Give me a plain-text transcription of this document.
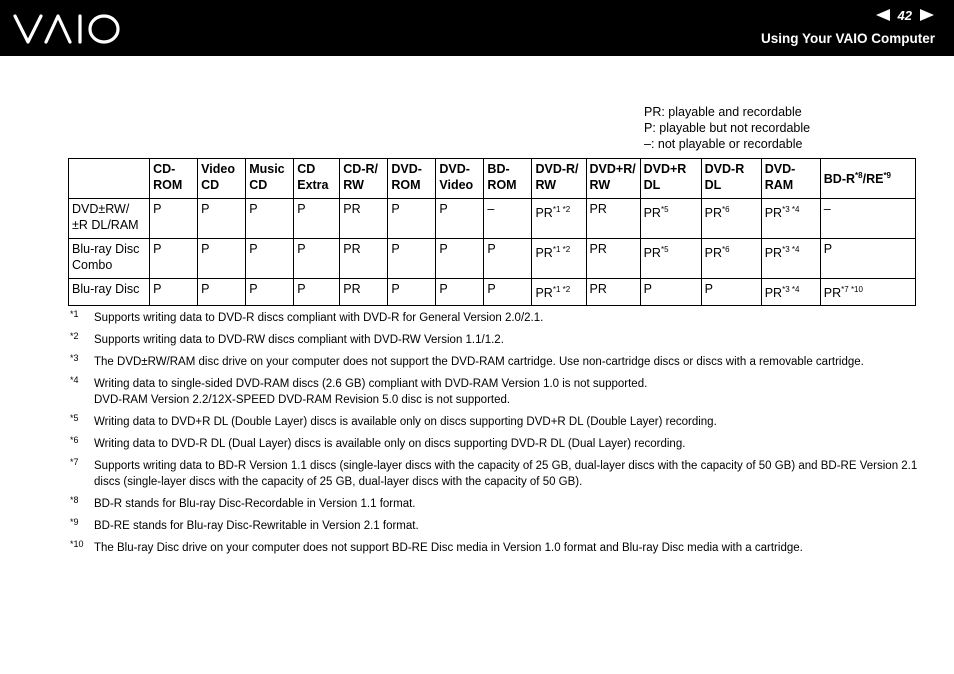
42
Using Your VAIO Computer
PR: playable and recordable
P: playable but not recordable
–: not playable or recordable
	CD-ROM	Video CD	Music CD	CD Extra	CD-R/ RW	DVD-ROM	DVD-Video	BD-ROM	DVD-R/ RW	DVD+R/ RW	DVD+R DL	DVD-R DL	DVD-RAM	$BD-R^{*8}/RE^{*9}$
DVD±RW/ ±R DL/RAM	P	P	P	P	PR	P	P	–	$PR^{*1 *2}$	PR	PR$^{*5}$	PR$^{*6}$	$PR^{*3 *4}$	–
Blu-ray Disc Combo	P	P	P	P	PR	P	P	P	$PR^{*1 *2}$	PR	PR$^{*5}$	PR$^{*6}$	$PR^{*3 *4}$	P
Blu-ray Disc	P	P	P	P	PR	P	P	P	$PR^{*1 *2}$	PR	P	P	$PR^{*3 *4}$	$PR^{*7 *10}$
*1 Supports writing data to DVD-R discs compliant with DVD-R for General Version 2.0/2.1.
*2 Supports writing data to DVD-RW discs compliant with DVD-RW Version 1.1/1.2.
*3 The DVD±RW/RAM disc drive on your computer does not support the DVD-RAM cartridge. Use non-cartridge discs or discs with a removable cartridge.
*4 Writing data to single-sided DVD-RAM discs (2.6 GB) compliant with DVD-RAM Version 1.0 is not supported.
DVD-RAM Version 2.2/12X-SPEED DVD-RAM Revision 5.0 disc is not supported.
*5 Writing data to DVD+R DL (Double Layer) discs is available only on discs supporting DVD+R DL (Double Layer) recording.
*6 Writing data to DVD-R DL (Dual Layer) discs is available only on discs supporting DVD-R DL (Dual Layer) recording.
*7 Supports writing data to BD-R Version 1.1 discs (single-layer discs with the capacity of 25 GB, dual-layer discs with the capacity of 50 GB) and BD-RE Version 2.1
discs (single-layer discs with the capacity of 25 GB, dual-layer discs with the capacity of 50 GB).
*8 BD-R stands for Blu-ray Disc-Recordable in Version 1.1 format.
*9 BD-RE stands for Blu-ray Disc-Rewritable in Version 2.1 format.
*10 The Blu-ray Disc drive on your computer does not support BD-RE Disc media in Version 1.0 format and Blu-ray Disc media with a cartridge.
